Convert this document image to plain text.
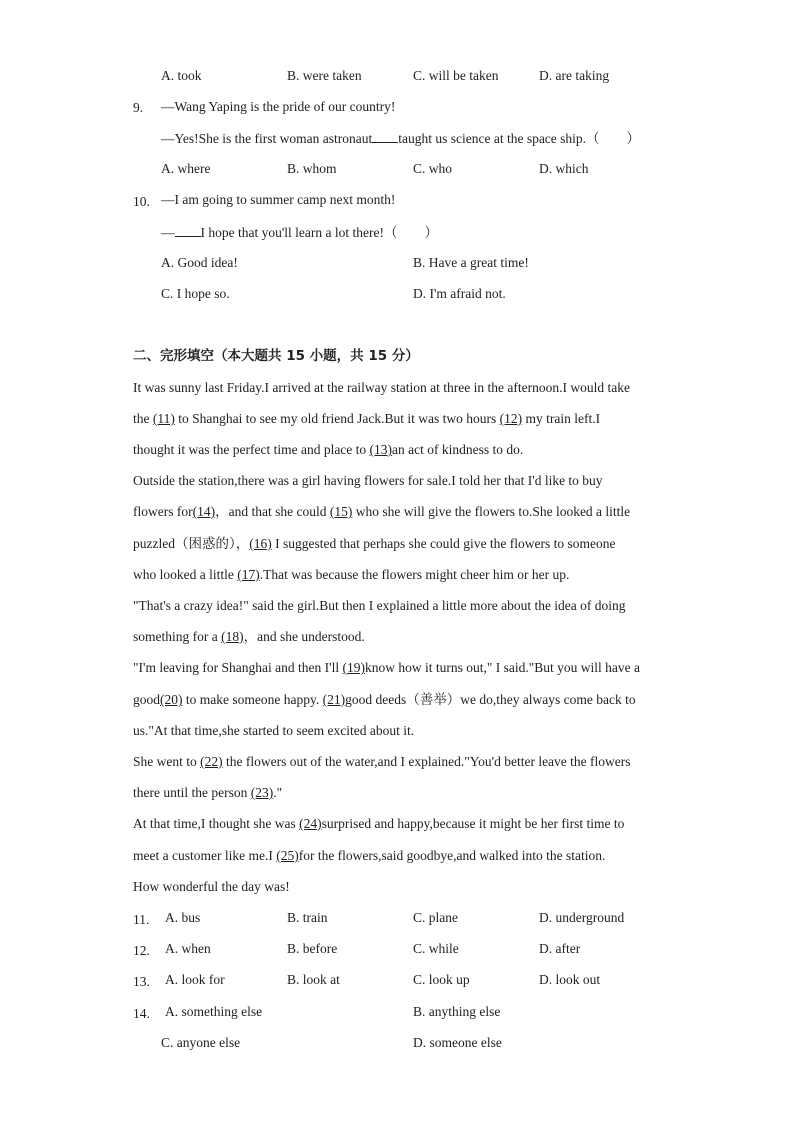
A. took	B. were taken	C. will be taken	D. are taking
9. —Wang Yaping is the pride of our country!
—Yes!She is the first woman astronaut taught us science at the space ship.（　　）
A. where	B. whom	C. who	D. which
10. —I am going to summer camp next month!
— I hope that you'll learn a lot there!（　　）
A. Good idea!	B. Have a great time!
C. I hope so.	D. I'm afraid not.
二、完形填空（本大题共 15 小题，共 15 分）
It was sunny last Friday.I arrived at the railway station at three in the afternoon.I would take
the (11) to Shanghai to see my old friend Jack.But it was two hours (12) my train left.I
thought it was the perfect time and place to (13)an act of kindness to do.
Outside the station,there was a girl having flowers for sale.I told her that I'd like to buy
flowers for(14)，and that she could (15) who she will give the flowers to.She looked a little
puzzled（困惑的），(16) I suggested that perhaps she could give the flowers to someone
who looked a little (17).That was because the flowers might cheer him or her up.
"That's a crazy idea!" said the girl.But then I explained a little more about the idea of doing
something for a (18)，and she understood.
"I'm leaving for Shanghai and then I'll (19)know how it turns out," I said."But you will have a
good(20) to make someone happy. (21)good deeds（善举）we do,they always come back to
us."At that time,she started to seem excited about it.
She went to (22) the flowers out of the water,and I explained."You'd better leave the flowers
there until the person (23)."
At that time,I thought she was (24)surprised and happy,because it might be her first time to
meet a customer like me.I (25)for the flowers,said goodbye,and walked into the station.
How wonderful the day was!
11. A. bus	B. train	C. plane	D. underground
12. A. when	B. before	C. while	D. after
13. A. look for	B. look at	C. look up	D. look out
14. A. something else	B. anything else
C. anyone else	D. someone else
